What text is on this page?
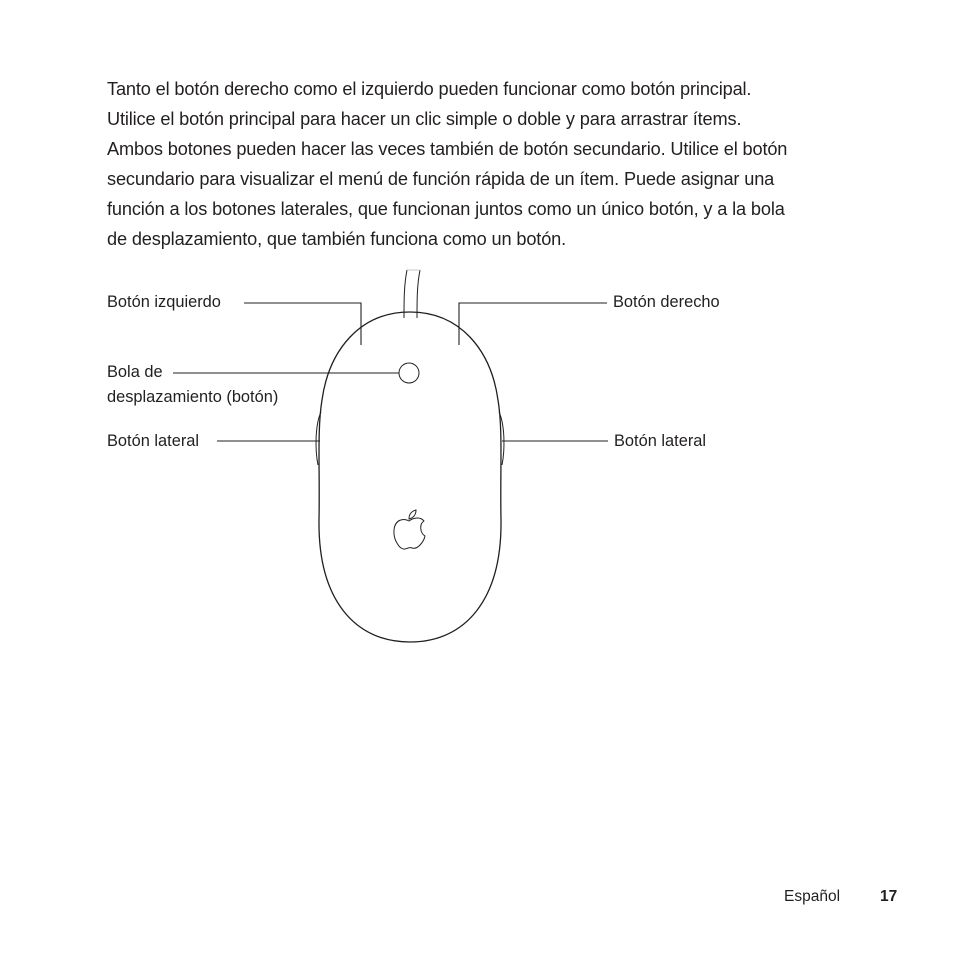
Tanto el botón derecho como el izquierdo pueden funcionar como botón principal.
Utilice el botón principal para hacer un clic simple o doble y para arrastrar ítems.
Ambos botones pueden hacer las veces también de botón secundario. Utilice el botón
secundario para visualizar el menú de función rápida de un ítem. Puede asignar una
función a los botones laterales, que funcionan juntos como un único botón, y a la bola
de desplazamiento, que también funciona como un botón.

Botón izquierdo	Botón derecho
Bola de
desplazamiento (botón)
Botón lateral	Botón lateral
Español	17
